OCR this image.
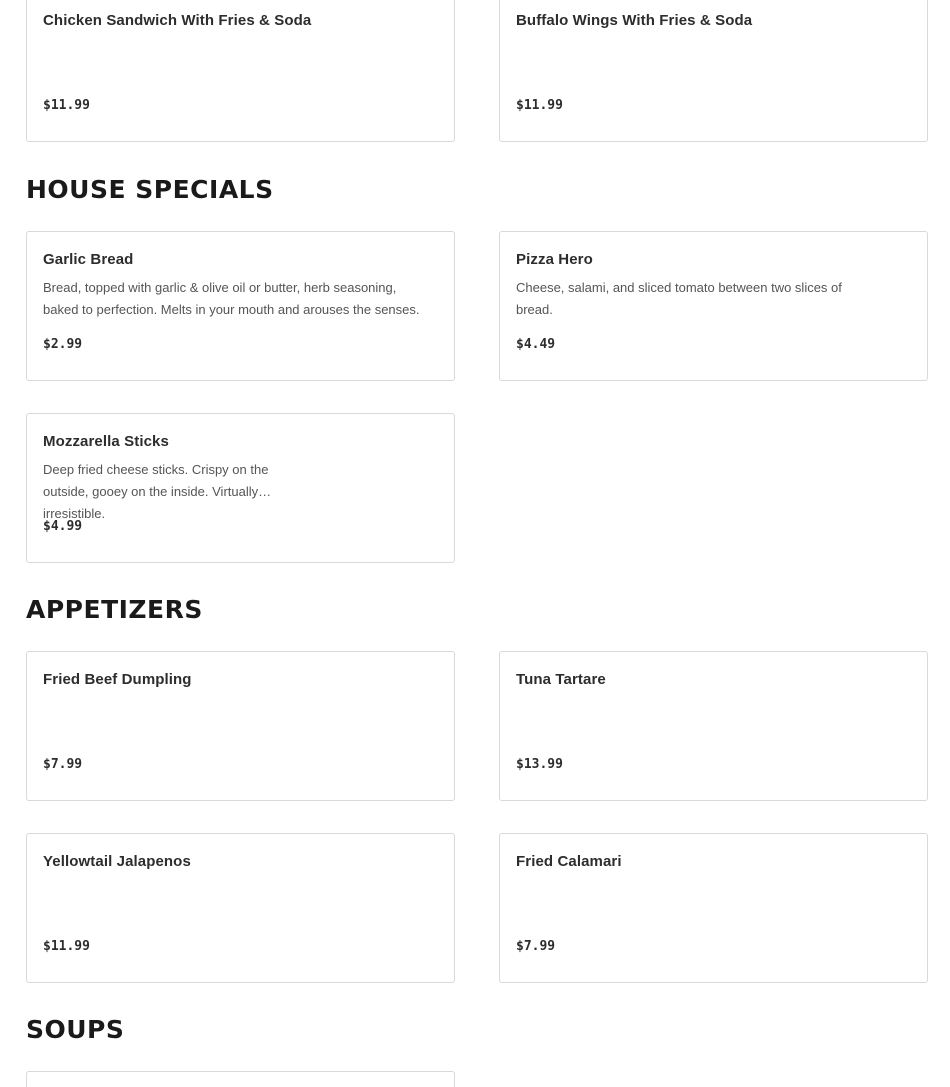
Chicken Sandwich With Fries & Soda
$11.99
Buffalo Wings With Fries & Soda
$11.99
HOUSE SPECIALS
Garlic Bread
Bread, topped with garlic & olive oil or butter, herb seasoning, baked to perfection. Melts in your mouth and arouses the senses.
$2.99
Pizza Hero
Cheese, salami, and sliced tomato between two slices of bread.
$4.49
Mozzarella Sticks
Deep fried cheese sticks. Crispy on the outside, gooey on the inside. Virtually irresistible.
$4.99
APPETIZERS
Fried Beef Dumpling
$7.99
Tuna Tartare
$13.99
Yellowtail Jalapenos
$11.99
Fried Calamari
$7.99
SOUPS
